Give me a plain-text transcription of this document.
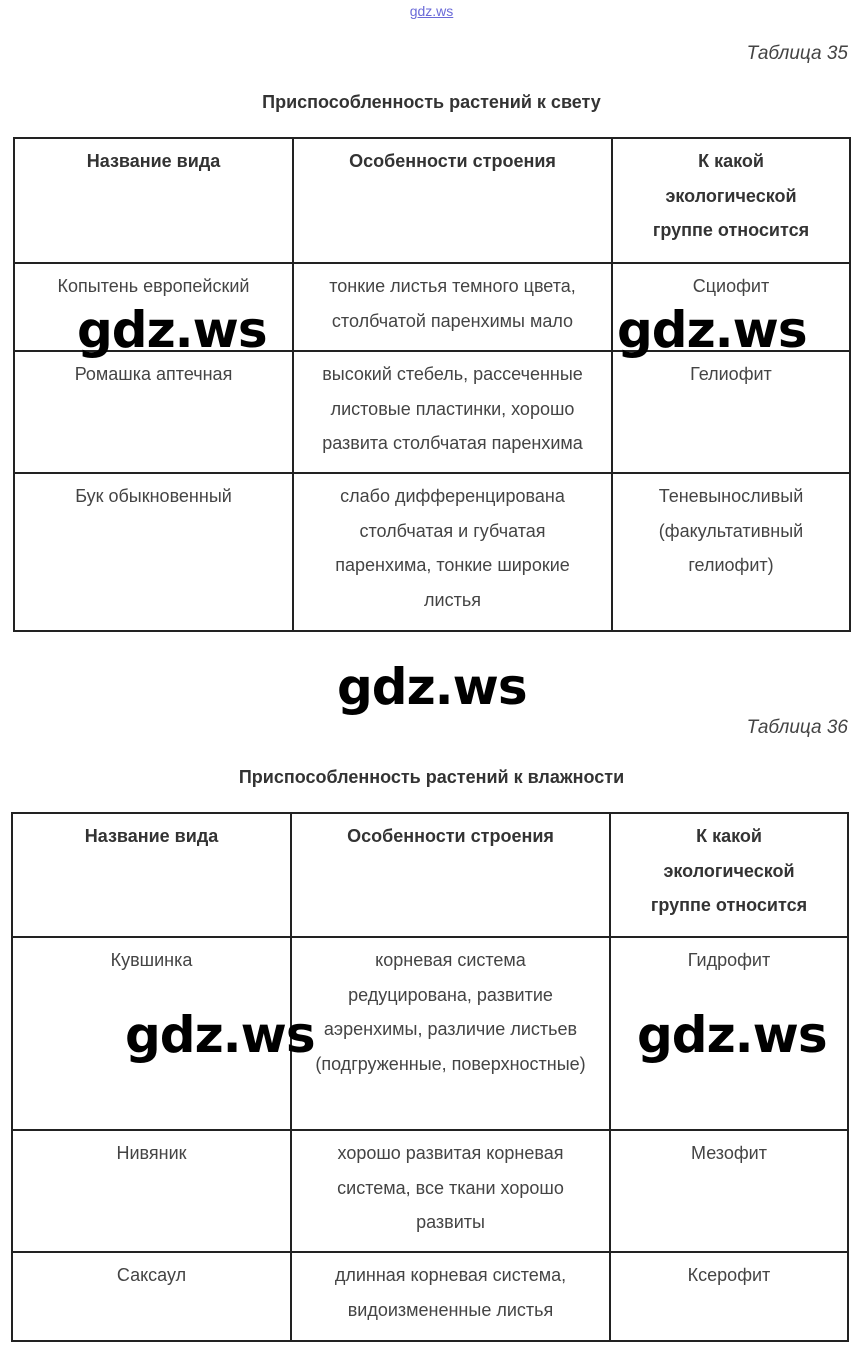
gdz.ws
Таблица 35
Приспособленность растений к свету
Название вида	Особенности строения	К какой экологической группе относится
Копытень европейский	тонкие листья темного цвета, столбчатой паренхимы мало	Сциофит
Ромашка аптечная	высокий стебель, рассеченные листовые пластинки, хорошо развита столбчатая паренхима	Гелиофит
Бук обыкновенный	слабо дифференцирована столбчатая и губчатая паренхима, тонкие широкие листья	Теневыносливый (факультативный гелиофит)
Таблица 36
Приспособленность растений к влажности
Название вида	Особенности строения	К какой экологической группе относится
Кувшинка	корневая система редуцирована, развитие аэренхимы, различие листьев (подгруженные, поверхностные)	Гидрофит
Нивяник	хорошо развитая корневая система, все ткани хорошо развиты	Мезофит
Саксаул	длинная корневая система, видоизмененные листья	Ксерофит
gdz.ws	gdz.ws
gdz.ws
gdz.ws	gdz.ws
